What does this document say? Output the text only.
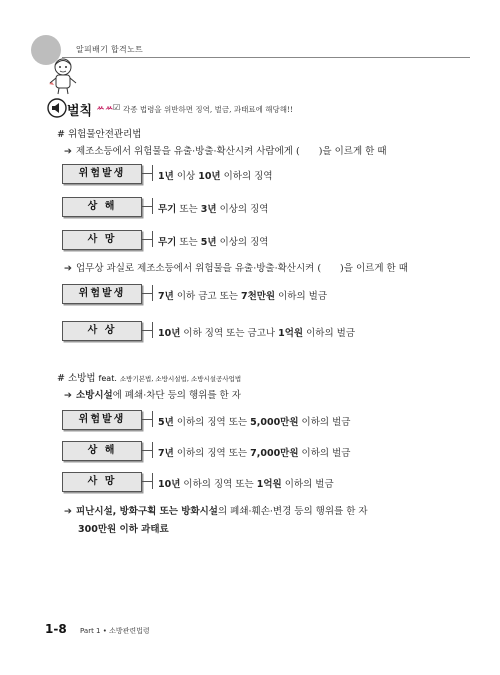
알피배기 합격노트
벌칙 ᄊᄊ ☑ 각종 법령을 위반하면 징역, 벌금, 과태료에 해당해!!
# 위험물안전관리법
➔ 제조소등에서 위험물을 유출·방출·확산시켜 사람에게 (　　)을 이르게 한 때
위험발생
상 해
사 망
1년 이상 10년 이하의 징역
무기 또는 3년 이상의 징역
무기 또는 5년 이상의 징역
➔ 업무상 과실로 제조소등에서 위험물을 유출·방출·확산시켜 (　　)을 이르게 한 때
위험발생
사 상
7년 이하 금고 또는 7천만원 이하의 벌금
10년 이하 징역 또는 금고나 1억원 이하의 벌금
# 소방법 feat. 소방기본법, 소방시설법, 소방시설공사업법
➔ 소방시설에 폐쇄·차단 등의 행위를 한 자
위험발생
상 해
사 망
5년 이하의 징역 또는 5,000만원 이하의 벌금
7년 이하의 징역 또는 7,000만원 이하의 벌금
10년 이하의 징역 또는 1억원 이하의 벌금
➔ 피난시설, 방화구획 또는 방화시설의 폐쇄·훼손·변경 등의 행위를 한 자
300만원 이하 과태료
1-8 Part 1 • 소방관련법령
